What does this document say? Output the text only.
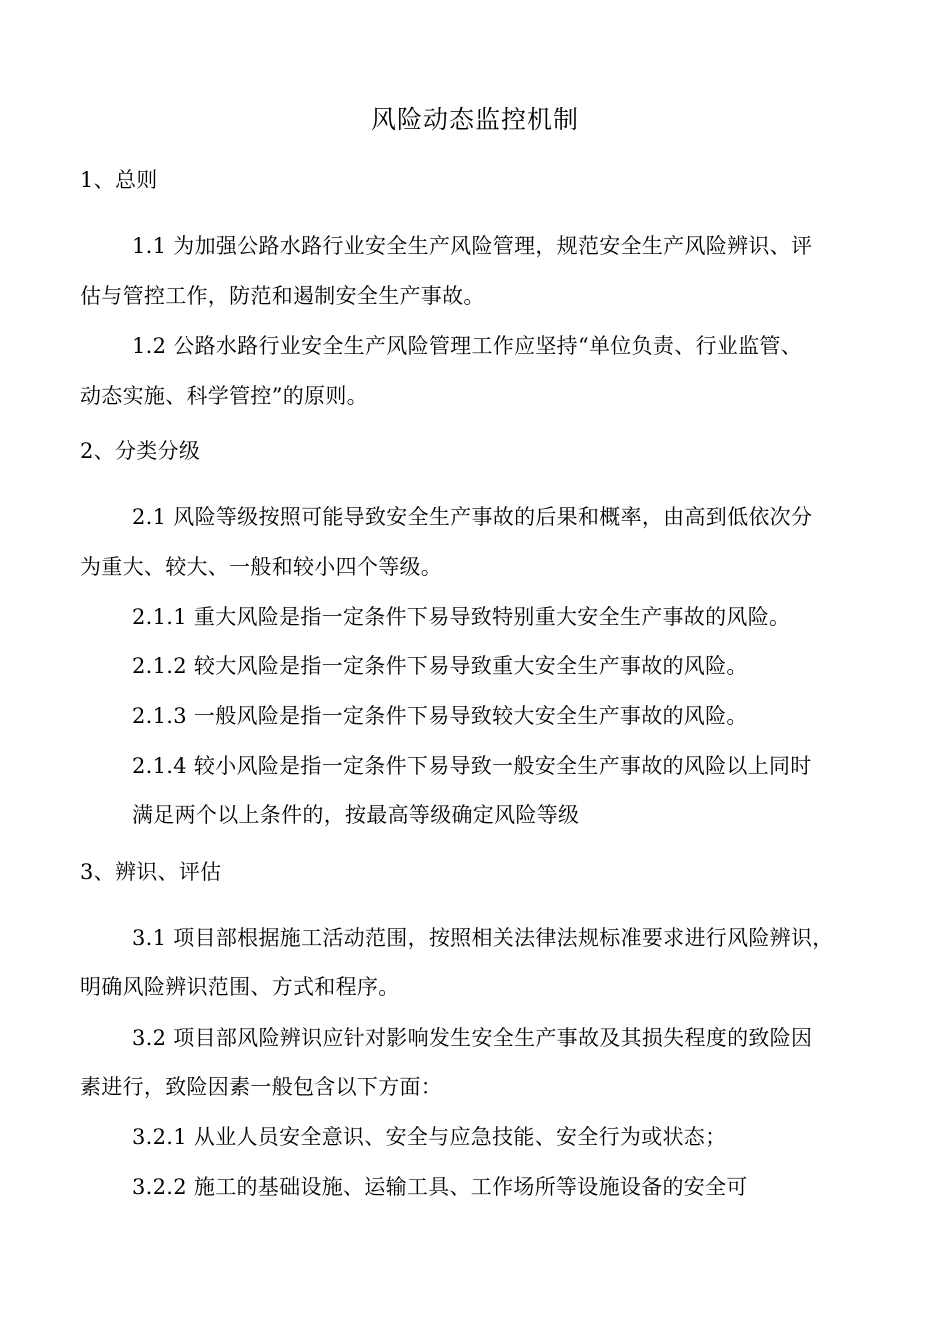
风险动态监控机制
1、总则
1.1 为加强公路水路行业安全生产风险管理，规范安全生产风险辨识、评
估与管控工作，防范和遏制安全生产事故。
1.2 公路水路行业安全生产风险管理工作应坚持“单位负责、行业监管、
动态实施、科学管控”的原则。
2、分类分级
2.1 风险等级按照可能导致安全生产事故的后果和概率，由高到低依次分
为重大、较大、一般和较小四个等级。
2.1.1 重大风险是指一定条件下易导致特别重大安全生产事故的风险。
2.1.2 较大风险是指一定条件下易导致重大安全生产事故的风险。
2.1.3 一般风险是指一定条件下易导致较大安全生产事故的风险。
2.1.4 较小风险是指一定条件下易导致一般安全生产事故的风险以上同时
满足两个以上条件的，按最高等级确定风险等级
3、辨识、评估
3.1 项目部根据施工活动范围，按照相关法律法规标准要求进行风险辨识，
明确风险辨识范围、方式和程序。
3.2 项目部风险辨识应针对影响发生安全生产事故及其损失程度的致险因
素进行，致险因素一般包含以下方面：
3.2.1 从业人员安全意识、安全与应急技能、安全行为或状态；
3.2.2 施工的基础设施、运输工具、工作场所等设施设备的安全可
